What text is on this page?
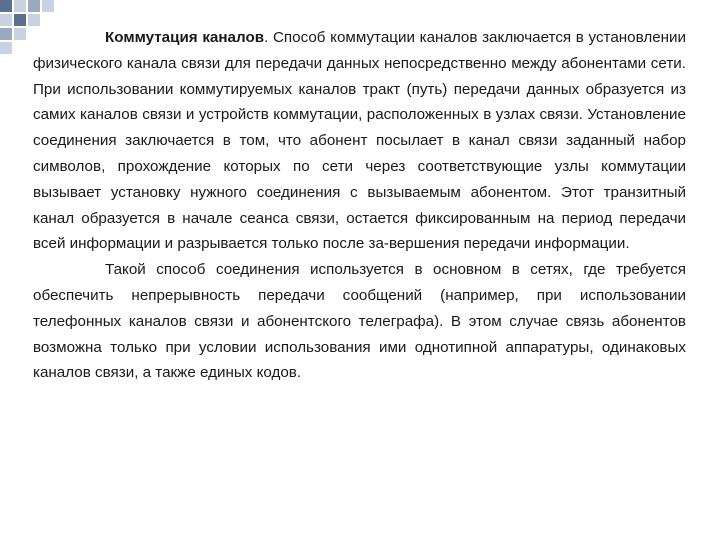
Коммутация каналов. Способ коммутации каналов заключается в установлении физического канала связи для передачи данных непосредственно между абонентами сети. При использовании коммутируемых каналов тракт (путь) передачи данных образуется из самих каналов связи и устройств коммутации, расположенных в узлах связи. Установление соединения заключается в том, что абонент посылает в канал связи заданный набор символов, прохождение которых по сети через соответствующие узлы коммутации вызывает установку нужного соединения с вызываемым абонентом. Этот транзитный канал образуется в начале сеанса связи, остается фиксированным на период передачи всей информации и разрывается только после за-вершения передачи информации.

Такой способ соединения используется в основном в сетях, где требуется обеспечить непрерывность передачи сообщений (например, при использовании телефонных каналов связи и абонентского телеграфа). В этом случае связь абонентов возможна только при условии использования ими однотипной аппаратуры, одинаковых каналов связи, а также единых кодов.
